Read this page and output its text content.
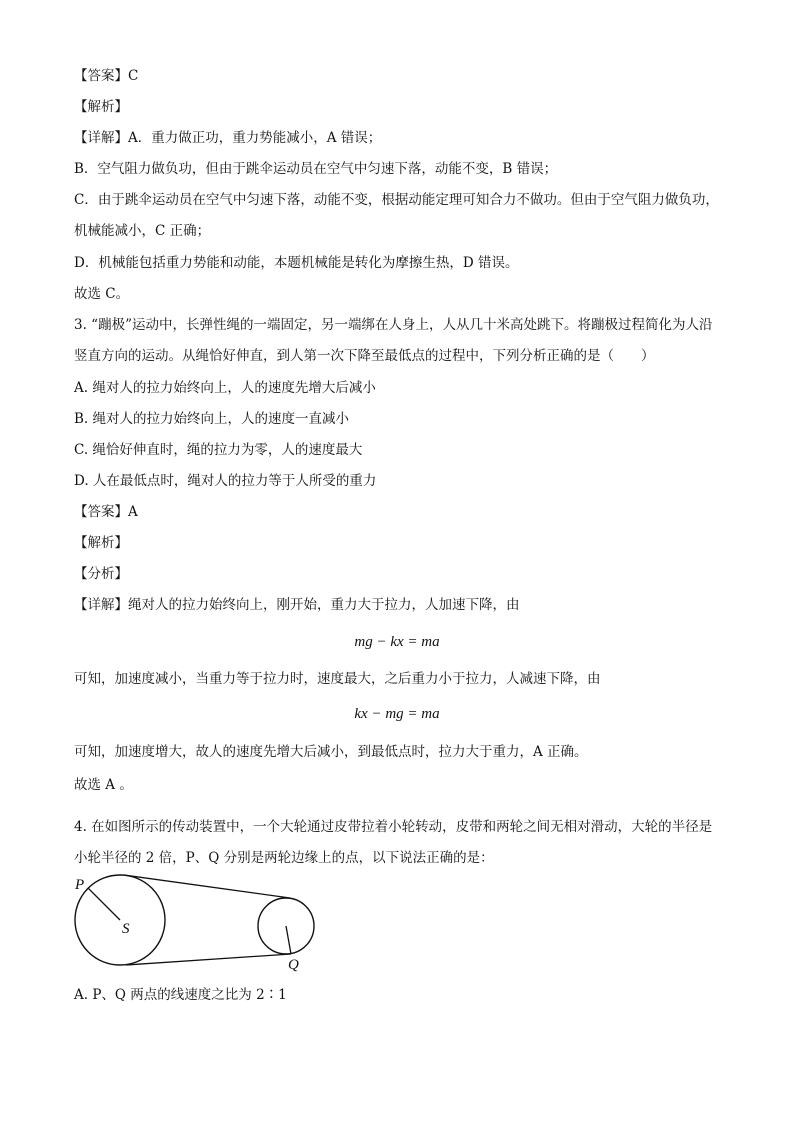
【答案】C
【解析】
【详解】A．重力做正功，重力势能减小，A 错误；
B．空气阻力做负功，但由于跳伞运动员在空气中匀速下落，动能不变，B 错误；
C．由于跳伞运动员在空气中匀速下落，动能不变，根据动能定理可知合力不做功。但由于空气阻力做负功，机械能减小，C 正确；
D．机械能包括重力势能和动能，本题机械能是转化为摩擦生热，D 错误。
故选 C。
3. “蹦极”运动中，长弹性绳的一端固定，另一端绑在人身上，人从几十米高处跳下。将蹦极过程简化为人沿竖直方向的运动。从绳恰好伸直，到人第一次下降至最低点的过程中，下列分析正确的是（　　）
A. 绳对人的拉力始终向上，人的速度先增大后减小
B. 绳对人的拉力始终向上，人的速度一直减小
C. 绳恰好伸直时，绳的拉力为零，人的速度最大
D. 人在最低点时，绳对人的拉力等于人所受的重力
【答案】A
【解析】
【分析】
【详解】绳对人的拉力始终向上，刚开始，重力大于拉力，人加速下降，由
mg − kx = ma
可知，加速度减小，当重力等于拉力时，速度最大，之后重力小于拉力，人减速下降，由
kx − mg = ma
可知，加速度增大，故人的速度先增大后减小，到最低点时，拉力大于重力，A 正确。
故选 A 。
4. 在如图所示的传动装置中，一个大轮通过皮带拉着小轮转动，皮带和两轮之间无相对滑动，大轮的半径是小轮半径的 2 倍，P、Q 分别是两轮边缘上的点，以下说法正确的是：
P
S
Q
A. P、Q 两点的线速度之比为 2∶1
